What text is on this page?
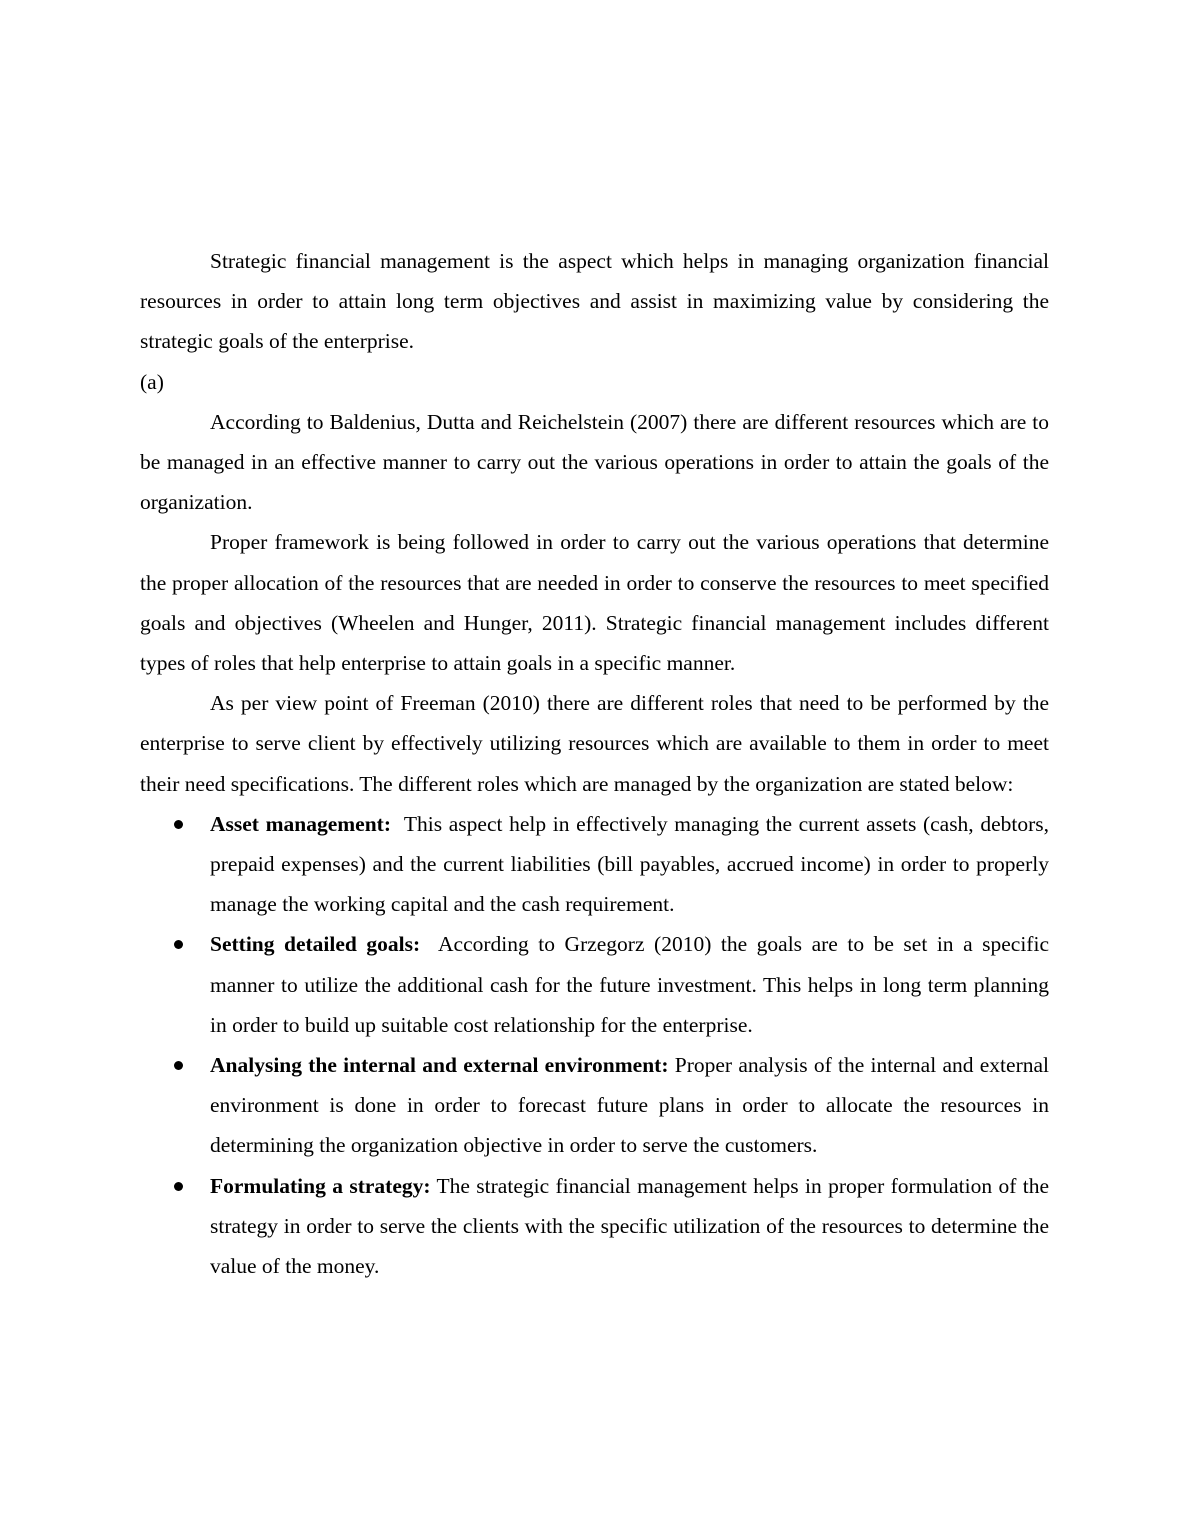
Strategic financial management is the aspect which helps in managing organization financial resources in order to attain long term objectives and assist in maximizing value by considering the strategic goals of the enterprise.

(a)

According to Baldenius, Dutta and Reichelstein (2007) there are different resources which are to be managed in an effective manner to carry out the various operations in order to attain the goals of the organization.

Proper framework is being followed in order to carry out the various operations that determine the proper allocation of the resources that are needed in order to conserve the resources to meet specified goals and objectives (Wheelen and Hunger, 2011). Strategic financial management includes different types of roles that help enterprise to attain goals in a specific manner.

As per view point of Freeman (2010) there are different roles that need to be performed by the enterprise to serve client by effectively utilizing resources which are available to them in order to meet their need specifications. The different roles which are managed by the organization are stated below:

Asset management:  This aspect help in effectively managing the current assets (cash, debtors, prepaid expenses) and the current liabilities (bill payables, accrued income) in order to properly manage the working capital and the cash requirement.
Setting detailed goals:  According to Grzegorz (2010) the goals are to be set in a specific manner to utilize the additional cash for the future investment. This helps in long term planning in order to build up suitable cost relationship for the enterprise.
Analysing the internal and external environment: Proper analysis of the internal and external environment is done in order to forecast future plans in order to allocate the resources in determining the organization objective in order to serve the customers.
Formulating a strategy: The strategic financial management helps in proper formulation of the strategy in order to serve the clients with the specific utilization of the resources to determine the value of the money.
